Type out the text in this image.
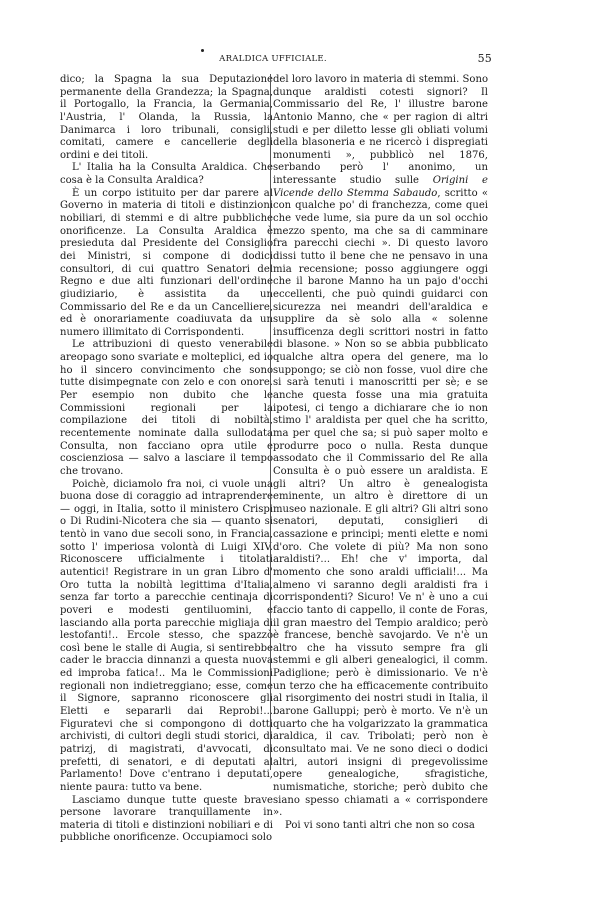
ARALDICA UFFICIALE.	55

dico; la Spagna la sua Deputazione permanente della Grandezza; la Spagna, il Portogallo, la Francia, la Germania, l'Austria, l' Olanda, la Russia, la Danimarca i loro tribunali, consigli, comitati, camere e cancellerie degli ordini e dei titoli.

L' Italia ha la Consulta Araldica. Che cosa è la Consulta Araldica?

È un corpo istituito per dar parere al Governo in materia di titoli e distinzioni nobiliari, di stemmi e di altre pubbliche onorificenze. La Consulta Araldica è presieduta dal Presidente del Consiglio dei Ministri, si compone di dodici consultori, di cui quattro Senatori del Regno e due alti funzionari dell'ordine giudiziario, è assistita da un Commissario del Re e da un Cancelliere, ed è onorariamente coadiuvata da un numero illimitato di Corrispondenti.

Le attribuzioni di questo venerabile areopago sono svariate e molteplici, ed io ho il sincero convincimento che sono tutte disimpegnate con zelo e con onore. Per esempio non dubito che le Commissioni regionali per la compilazione dei titoli di nobiltà, recentemente nominate dalla sullodata Consulta, non facciano opra utile e coscienziosa — salvo a lasciare il tempo che trovano.

Poichè, diciamolo fra noi, ci vuole una buona dose di coraggio ad intraprendere — oggi, in Italia, sotto il ministero Crispi o Di Rudini-Nicotera che sia — quanto si tentò in vano due secoli sono, in Francia, sotto l' imperiosa volontà di Luigi XIV. Riconoscere ufficialmente i titolati autentici! Registrare in un gran Libro d' Oro tutta la nobiltà legittima d'Italia, senza far torto a parecchie centinaja di poveri e modesti gentiluomini, e lasciando alla porta parecchie migliaja di lestofanti!.. Ercole stesso, che spazzò così bene le stalle di Augia, si sentirebbe cader le braccia dinnanzi a questa nuova ed improba fatica!.. Ma le Commissioni regionali non indietreggiano; esse, come il Signore, sapranno riconoscere gli Eletti e separarli dai Reprobi!... Figuratevi che si compongono di dotti archivisti, di cultori degli studi storici, di patrizj, di magistrati, d'avvocati, di prefetti, di senatori, e di deputati al Parlamento! Dove c'entrano i deputati, niente paura: tutto va bene.

Lasciamo dunque tutte queste brave persone lavorare tranquillamente in materia di titoli e distinzioni nobiliari e di pubbliche onorificenze. Occupiamoci solo

del loro lavoro in materia di stemmi. Sono dunque araldisti cotesti signori? Il Commissario del Re, l' illustre barone Antonio Manno, che « per ragion di altri studi e per diletto lesse gli obliati volumi della blasoneria e ne ricercò i dispregiati monumenti », pubblicò nel 1876, serbando però l' anonimo, un interessante studio sulle Origini e Vicende dello Stemma Sabaudo, scritto « con qualche po' di franchezza, come quei che vede lume, sia pure da un sol occhio mezzo spento, ma che sa di camminare fra parecchi ciechi ». Di questo lavoro dissi tutto il bene che ne pensavo in una mia recensione; posso aggiungere oggi che il barone Manno ha un pajo d'occhi eccellenti, che può quindi guidarci con sicurezza nei meandri dell'araldica e supplire da sè solo alla « solenne insufficenza degli scrittori nostri in fatto di blasone. » Non so se abbia pubblicato qualche altra opera del genere, ma lo suppongo; se ciò non fosse, vuol dire che si sarà tenuti i manoscritti per sè; e se anche questa fosse una mia gratuita ipotesi, ci tengo a dichiarare che io non stimo l' araldista per quel che ha scritto, ma per quel che sa; si può saper molto e produrre poco o nulla. Resta dunque assodato che il Commissario del Re alla Consulta è o può essere un araldista. E gli altri? Un altro è genealogista eminente, un altro è direttore di un museo nazionale. E gli altri? Gli altri sono senatori, deputati, consiglieri di cassazione e principi; menti elette e nomi d'oro. Che volete di più? Ma non sono araldisti?... Eh! che v' importa, dal momento che sono araldi ufficiali!... Ma almeno vi saranno degli araldisti fra i corrispondenti? Sicuro! Ve n' è uno a cui faccio tanto di cappello, il conte de Foras, il gran maestro del Tempio araldico; però è francese, benchè savojardo. Ve n'è un altro che ha vissuto sempre fra gli stemmi e gli alberi genealogici, il comm. Padiglione; però è dimissionario. Ve n'è un terzo che ha efficacemente contribuito al risorgimento dei nostri studi in Italia, il barone Galluppi; però è morto. Ve n'è un quarto che ha volgarizzato la grammatica araldica, il cav. Tribolati; però non è consultato mai. Ve ne sono dieci o dodici altri, autori insigni di pregevolissime opere genealogiche, sfragistiche, numismatiche, storiche; però dubito che siano spesso chiamati a « corrispondere ».

Poi vi sono tanti altri che non so cosa
